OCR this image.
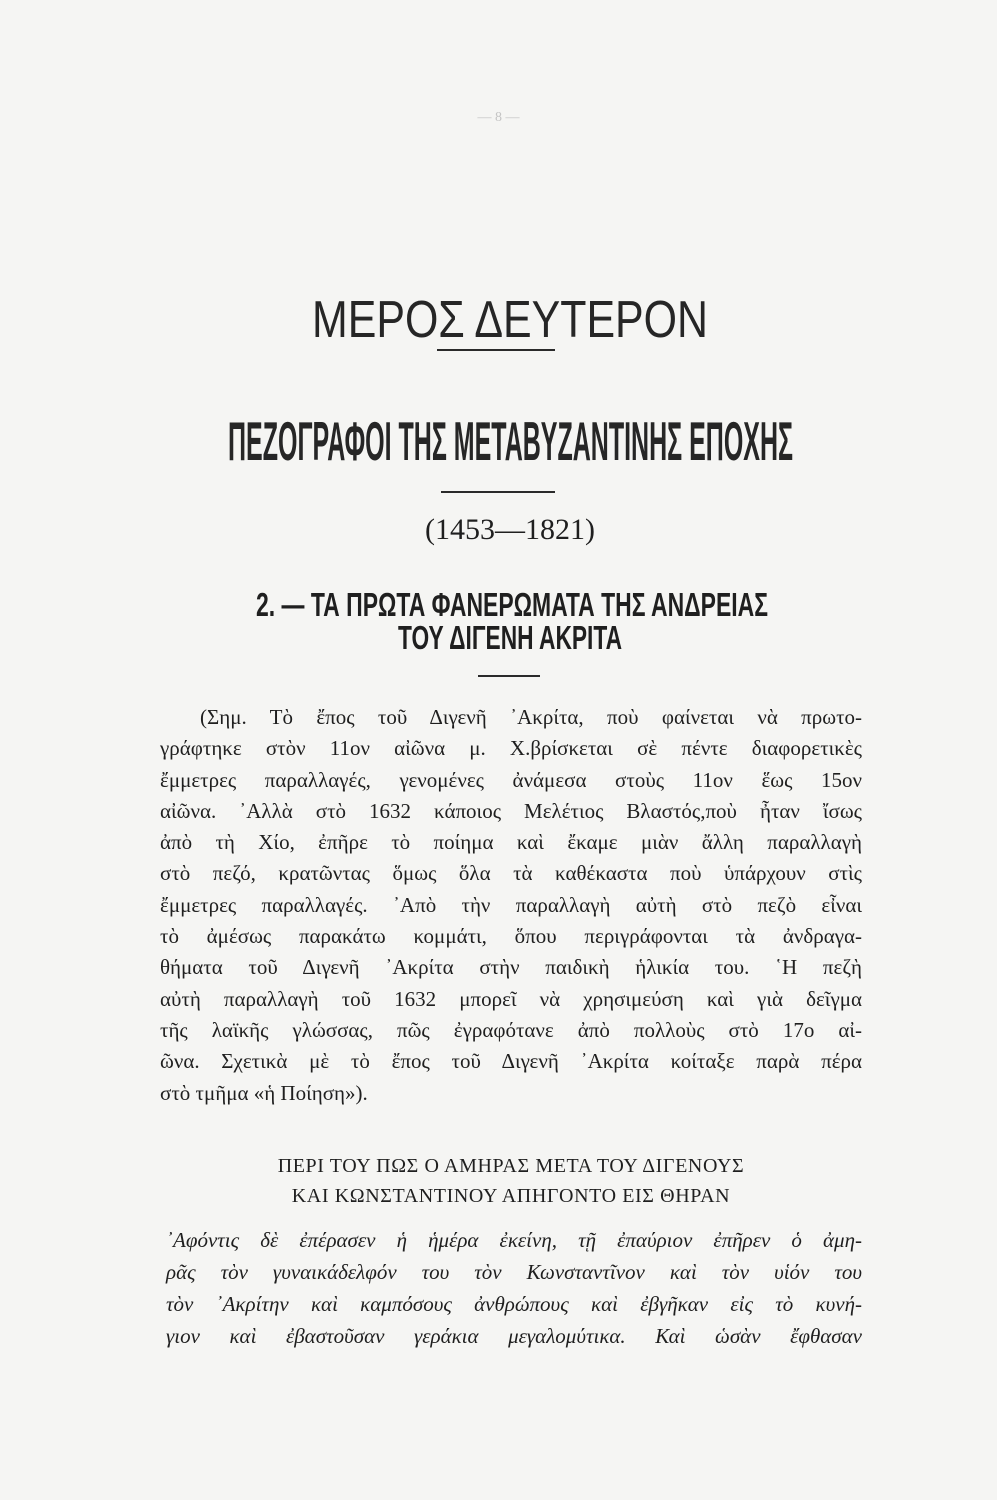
— 8 —
ΜΕΡΟΣ ΔΕΥΤΕΡΟΝ
ΠΕΖΟΓΡΑΦΟΙ ΤΗΣ ΜΕΤΑΒΥΖΑΝΤΙΝΗΣ ΕΠΟΧΗΣ
(1453—1821)
2. — ΤΑ ΠΡΩΤΑ ΦΑΝΕΡΩΜΑΤΑ ΤΗΣ ΑΝΔΡΕΙΑΣ
ΤΟΥ ΔΙΓΕΝΗ ΑΚΡΙΤΑ
(Σημ. Τὸ ἔπος τοῦ Διγενῆ ᾿Ακρίτα, ποὺ φαίνεται νὰ πρωτο-
γράφτηκε στὸν 11ον αἰῶνα μ. Χ.βρίσκεται σὲ πέντε διαφορετικὲς
ἔμμετρες παραλλαγές, γενομένες ἀνάμεσα στοὺς 11ον ἕως 15ον
αἰῶνα. ᾿Αλλὰ στὸ 1632 κάποιος Μελέτιος Βλαστός,ποὺ ἦταν ἴσως
ἀπὸ τὴ Χίο, ἐπῆρε τὸ ποίημα καὶ ἔκαμε μιὰν ἄλλη παραλλαγὴ
στὸ πεζό, κρατῶντας ὅμως ὅλα τὰ καθέκαστα ποὺ ὑπάρχουν στὶς
ἔμμετρες παραλλαγές. ᾿Απὸ τὴν παραλλαγὴ αὐτὴ στὸ πεζὸ εἶναι
τὸ ἀμέσως παρακάτω κομμάτι, ὅπου περιγράφονται τὰ ἀνδραγα-
θήματα τοῦ Διγενῆ ᾿Ακρίτα στὴν παιδικὴ ἡλικία του. ῾Η πεζὴ
αὐτὴ παραλλαγὴ τοῦ 1632 μπορεῖ νὰ χρησιμεύση καὶ γιὰ δεῖγμα
τῆς λαϊκῆς γλώσσας, πῶς ἐγραφότανε ἀπὸ πολλοὺς στὸ 17ο αἰ-
ῶνα. Σχετικὰ μὲ τὸ ἔπος τοῦ Διγενῆ ᾿Ακρίτα κοίταξε παρὰ πέρα
στὸ τμῆμα «ἡ Ποίηση»).
ΠΕΡΙ ΤΟΥ ΠΩΣ Ο ΑΜΗΡΑΣ ΜΕΤΑ ΤΟΥ ΔΙΓΕΝΟΥΣ
ΚΑΙ ΚΩΝΣΤΑΝΤΙΝΟΥ ΑΠΗΓΟΝΤΟ ΕΙΣ ΘΗΡΑΝ
᾿Αφόντις δὲ ἐπέρασεν ἡ ἡμέρα ἐκείνη, τῇ ἐπαύριον ἐπῆρεν ὁ ἀμη-
ρᾶς τὸν γυναικάδελφόν του τὸν Κωνσταντῖνον καὶ τὸν υἱόν του
τὸν ᾿Ακρίτην καὶ καμπόσους ἀνθρώπους καὶ ἐβγῆκαν εἰς τὸ κυνή-
γιον καὶ ἐβαστοῦσαν γεράκια μεγαλομύτικα. Καὶ ὡσὰν ἔφθασαν
